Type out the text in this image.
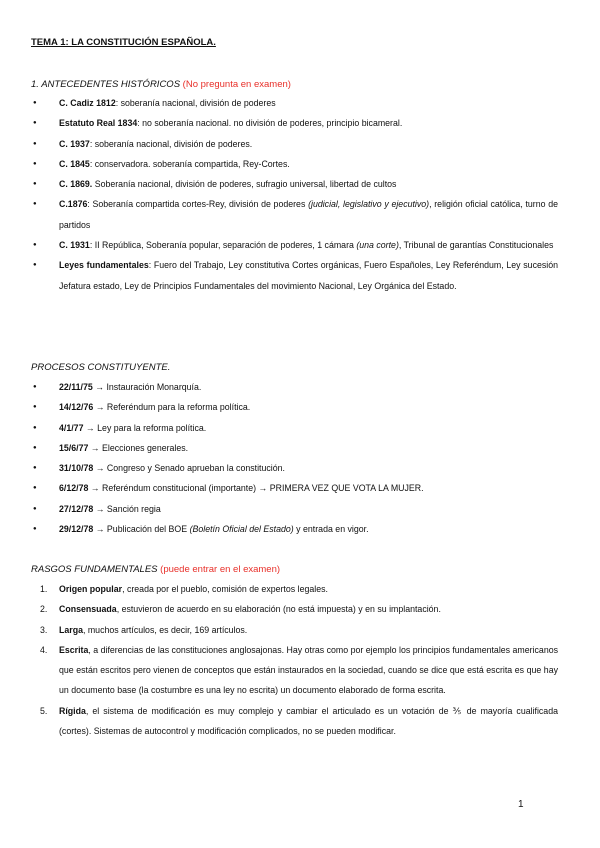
TEMA 1: LA CONSTITUCIÓN ESPAÑOLA.
1. ANTECEDENTES HISTÓRICOS (No pregunta en examen)
● C. Cadiz 1812: soberanía nacional, división de poderes
● Estatuto Real 1834: no soberanía nacional. no división de poderes, principio bicameral.
● C. 1937: soberanía nacional, división de poderes.
● C. 1845: conservadora. soberanía compartida, Rey-Cortes.
● C. 1869. Soberanía nacional, división de poderes, sufragio universal, libertad de cultos
● C.1876: Soberanía compartida cortes-Rey, división de poderes (judicial, legislativo y ejecutivo), religión oficial católica, turno de partidos
● C. 1931: II República, Soberanía popular, separación de poderes, 1 cámara (una corte), Tribunal de garantías Constitucionales
● Leyes fundamentales: Fuero del Trabajo, Ley constitutiva Cortes orgánicas, Fuero Españoles, Ley Referéndum, Ley sucesión Jefatura estado, Ley de Principios Fundamentales del movimiento Nacional, Ley Orgánica del Estado.
PROCESOS CONSTITUYENTE.
● 22/11/75 → Instauración Monarquía.
● 14/12/76 → Referéndum para la reforma política.
● 4/1/77 → Ley para la reforma política.
● 15/6/77 → Elecciones generales.
● 31/10/78 → Congreso y Senado aprueban la constitución.
● 6/12/78 → Referéndum constitucional (importante) → PRIMERA VEZ QUE VOTA LA MUJER.
● 27/12/78 → Sanción regia
● 29/12/78 → Publicación del BOE (Boletín Oficial del Estado) y entrada en vigor.
RASGOS FUNDAMENTALES (puede entrar en el examen)
1. Origen popular, creada por el pueblo, comisión de expertos legales.
2. Consensuada, estuvieron de acuerdo en su elaboración (no está impuesta) y en su implantación.
3. Larga, muchos artículos, es decir, 169 artículos.
4. Escrita, a diferencias de las constituciones anglosajonas. Hay otras como por ejemplo los principios fundamentales americanos que están escritos pero vienen de conceptos que están instaurados en la sociedad, cuando se dice que está escrita es que hay un documento base (la costumbre es una ley no escrita) un documento elaborado de forma escrita.
5. Rígida, el sistema de modificación es muy complejo y cambiar el articulado es un votación de ⅗ de mayoría cualificada (cortes). Sistemas de autocontrol y modificación complicados, no se pueden modificar.
1
